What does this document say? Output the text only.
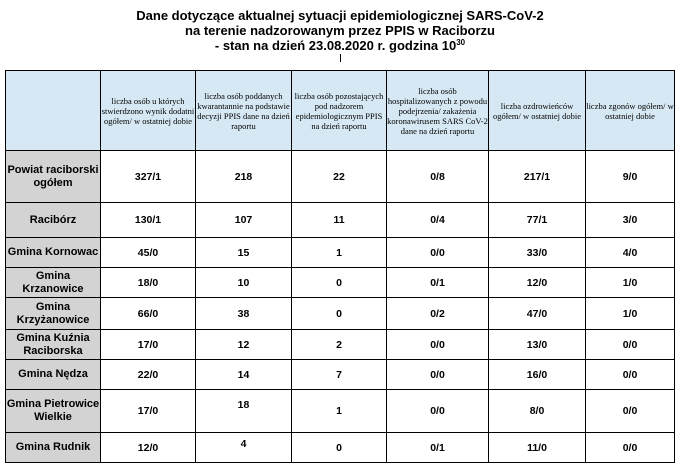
Dane dotyczące aktualnej sytuacji epidemiologicznej SARS-CoV-2
na terenie nadzorowanym przez PPIS w Raciborzu
- stan na dzień 23.08.2020 r. godzina $10^{30}$
	liczba osób u których stwierdzono wynik dodatni ogółem/ w ostatniej dobie	liczba osób poddanych kwarantannie na podstawie decyzji PPIS dane na dzień raportu	liczba osób pozostających pod nadzorem epidemiologicznym PPIS na dzień raportu	liczba osób hospitalizowanych z powodu podejrzenia/ zakażenia koronawirusem SARS CoV-2 dane na dzień raportu	liczba ozdrowieńców ogółem/ w ostatniej dobie	liczba zgonów ogółem/ w ostatniej dobie
Powiat raciborski ogółem	327/1	218	22	0/8	217/1	9/0
Racibórz	130/1	107	11	0/4	77/1	3/0
Gmina Kornowac	45/0	15	1	0/0	33/0	4/0
Gmina Krzanowice	18/0	10	0	0/1	12/0	1/0
Gmina Krzyżanowice	66/0	38	0	0/2	47/0	1/0
Gmina Kuźnia Raciborska	17/0	12	2	0/0	13/0	0/0
Gmina Nędza	22/0	14	7	0/0	16/0	0/0
Gmina Pietrowice Wielkie	17/0	18	1	0/0	8/0	0/0
Gmina Rudnik	12/0	4	0	0/1	11/0	0/0
